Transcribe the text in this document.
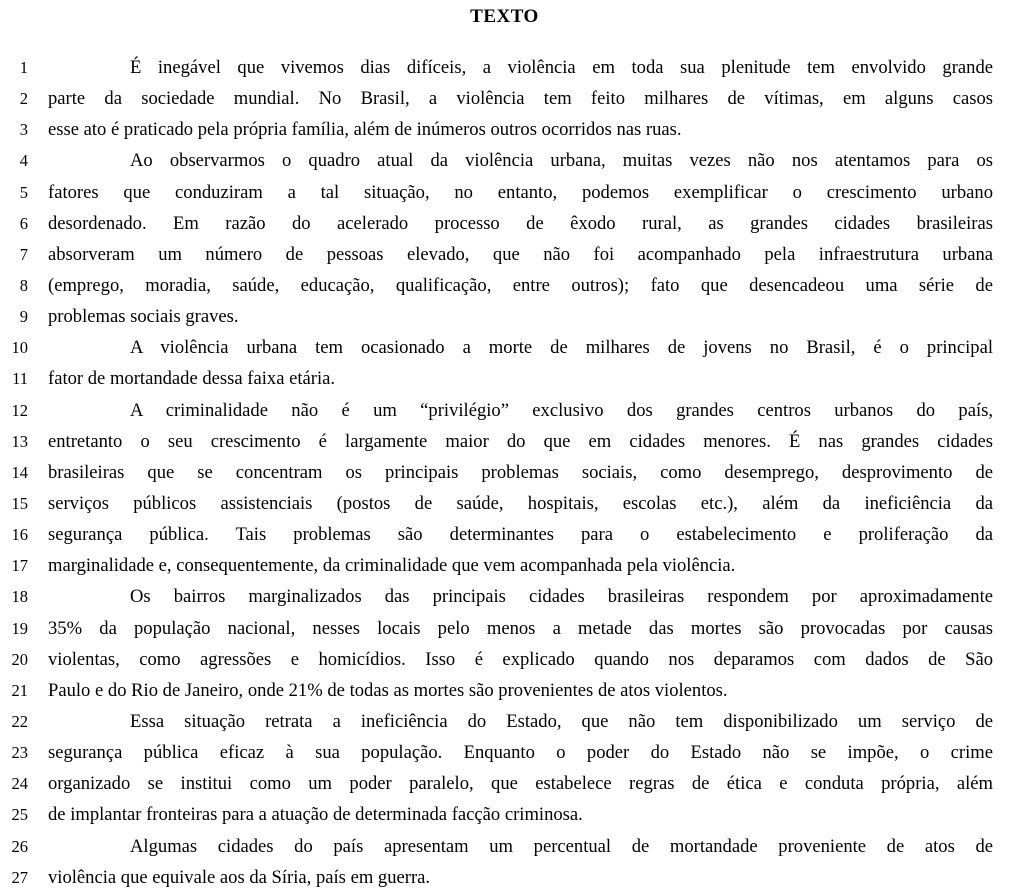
TEXTO
1	É inegável que vivemos dias difíceis, a violência em toda sua plenitude tem envolvido grande
2 parte da sociedade mundial. No Brasil, a violência tem feito milhares de vítimas, em alguns casos
3 esse ato é praticado pela própria família, além de inúmeros outros ocorridos nas ruas.
4	Ao observarmos o quadro atual da violência urbana, muitas vezes não nos atentamos para os
5 fatores que conduziram a tal situação, no entanto, podemos exemplificar o crescimento urbano
6 desordenado. Em razão do acelerado processo de êxodo rural, as grandes cidades brasileiras
7 absorveram um número de pessoas elevado, que não foi acompanhado pela infraestrutura urbana
8 (emprego, moradia, saúde, educação, qualificação, entre outros); fato que desencadeou uma série de
9 problemas sociais graves.
10	A violência urbana tem ocasionado a morte de milhares de jovens no Brasil, é o principal
11 fator de mortandade dessa faixa etária.
12	A criminalidade não é um “privilégio” exclusivo dos grandes centros urbanos do país,
13 entretanto o seu crescimento é largamente maior do que em cidades menores. É nas grandes cidades
14 brasileiras que se concentram os principais problemas sociais, como desemprego, desprovimento de
15 serviços públicos assistenciais (postos de saúde, hospitais, escolas etc.), além da ineficiência da
16 segurança pública. Tais problemas são determinantes para o estabelecimento e proliferação da
17 marginalidade e, consequentemente, da criminalidade que vem acompanhada pela violência.
18	Os bairros marginalizados das principais cidades brasileiras respondem por aproximadamente
19 35% da população nacional, nesses locais pelo menos a metade das mortes são provocadas por causas
20 violentas, como agressões e homicídios. Isso é explicado quando nos deparamos com dados de São
21 Paulo e do Rio de Janeiro, onde 21% de todas as mortes são provenientes de atos violentos.
22	Essa situação retrata a ineficiência do Estado, que não tem disponibilizado um serviço de
23 segurança pública eficaz à sua população. Enquanto o poder do Estado não se impõe, o crime
24 organizado se institui como um poder paralelo, que estabelece regras de ética e conduta própria, além
25 de implantar fronteiras para a atuação de determinada facção criminosa.
26	Algumas cidades do país apresentam um percentual de mortandade proveniente de atos de
27 violência que equivale aos da Síria, país em guerra.
